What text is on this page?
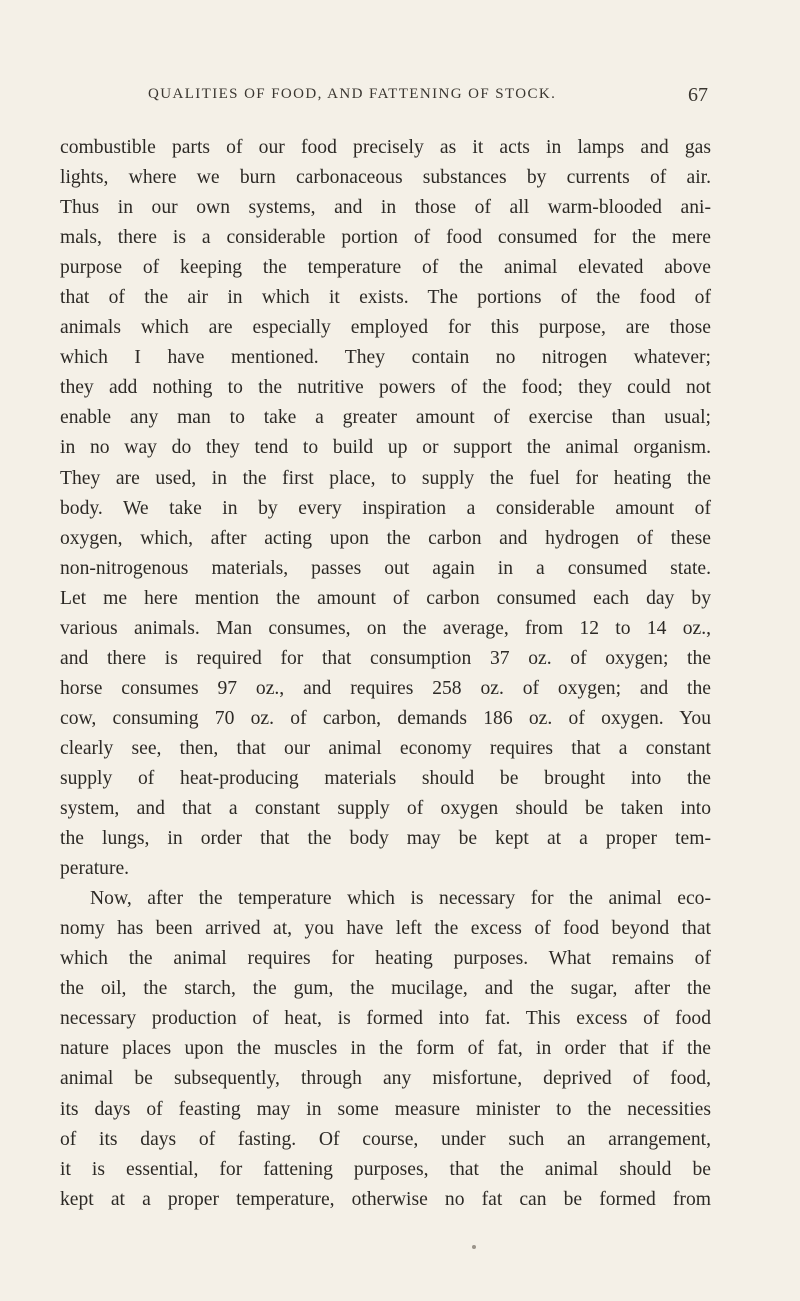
QUALITIES OF FOOD, AND FATTENING OF STOCK.	67
combustible parts of our food precisely as it acts in lamps and gas
lights, where we burn carbonaceous substances by currents of air.
Thus in our own systems, and in those of all warm-blooded ani-
mals, there is a considerable portion of food consumed for the mere
purpose of keeping the temperature of the animal elevated above
that of the air in which it exists. The portions of the food of
animals which are especially employed for this purpose, are those
which I have mentioned. They contain no nitrogen whatever;
they add nothing to the nutritive powers of the food; they could not
enable any man to take a greater amount of exercise than usual;
in no way do they tend to build up or support the animal organism.
They are used, in the first place, to supply the fuel for heating the
body. We take in by every inspiration a considerable amount of
oxygen, which, after acting upon the carbon and hydrogen of these
non-nitrogenous materials, passes out again in a consumed state.
Let me here mention the amount of carbon consumed each day by
various animals. Man consumes, on the average, from 12 to 14 oz.,
and there is required for that consumption 37 oz. of oxygen; the
horse consumes 97 oz., and requires 258 oz. of oxygen; and the
cow, consuming 70 oz. of carbon, demands 186 oz. of oxygen. You
clearly see, then, that our animal economy requires that a constant
supply of heat-producing materials should be brought into the
system, and that a constant supply of oxygen should be taken into
the lungs, in order that the body may be kept at a proper tem-
perature.
Now, after the temperature which is necessary for the animal eco-
nomy has been arrived at, you have left the excess of food beyond that
which the animal requires for heating purposes. What remains of
the oil, the starch, the gum, the mucilage, and the sugar, after the
necessary production of heat, is formed into fat. This excess of food
nature places upon the muscles in the form of fat, in order that if the
animal be subsequently, through any misfortune, deprived of food,
its days of feasting may in some measure minister to the necessities
of its days of fasting. Of course, under such an arrangement,
it is essential, for fattening purposes, that the animal should be
kept at a proper temperature, otherwise no fat can be formed from
